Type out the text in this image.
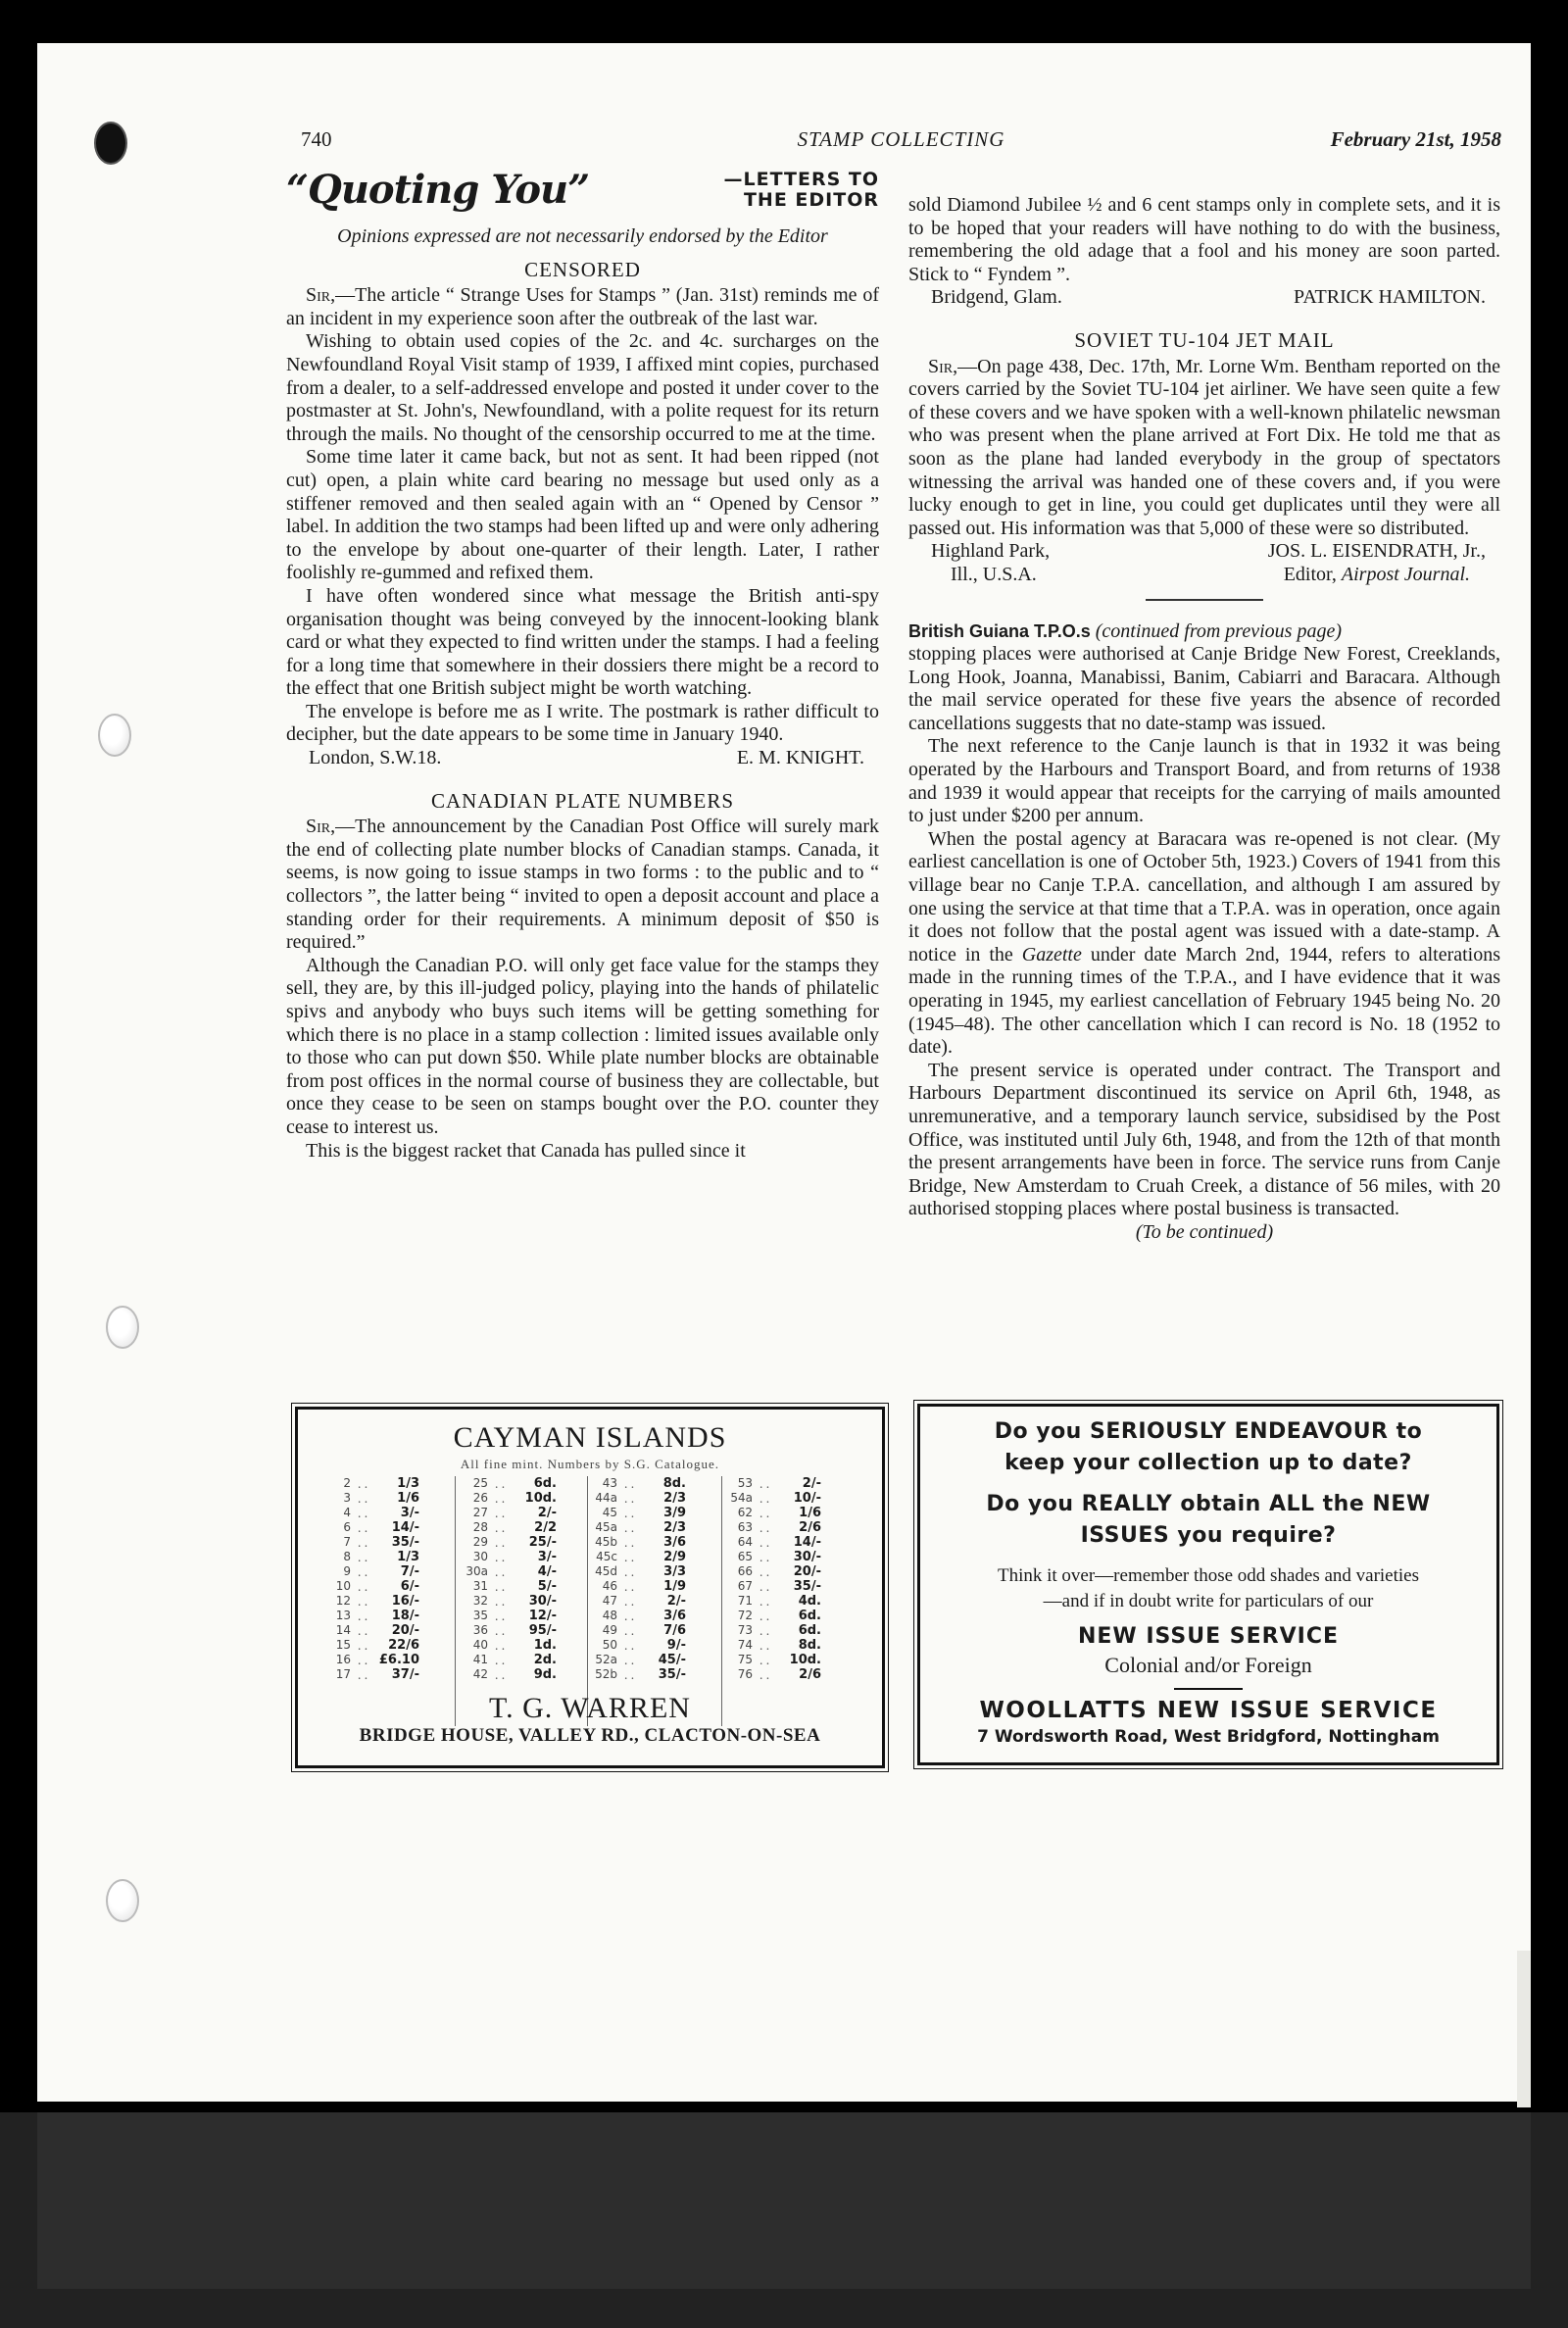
740	STAMP COLLECTING	February 21st, 1958
“Quoting You”	—LETTERS TO
THE EDITOR
Opinions expressed are not necessarily endorsed by the Editor
CENSORED

Sir,—The article “ Strange Uses for Stamps ” (Jan. 31st) reminds me of an incident in my experience soon after the outbreak of the last war.

Wishing to obtain used copies of the 2c. and 4c. surcharges on the Newfoundland Royal Visit stamp of 1939, I affixed mint copies, purchased from a dealer, to a self-addressed envelope and posted it under cover to the postmaster at St. John's, Newfoundland, with a polite request for its return through the mails. No thought of the censorship occurred to me at the time.

Some time later it came back, but not as sent. It had been ripped (not cut) open, a plain white card bearing no message but used only as a stiffener removed and then sealed again with an “ Opened by Censor ” label. In addition the two stamps had been lifted up and were only adhering to the envelope by about one-quarter of their length. Later, I rather foolishly re-gummed and refixed them.

I have often wondered since what message the British anti-spy organisation thought was being conveyed by the innocent-looking blank card or what they expected to find written under the stamps. I had a feeling for a long time that somewhere in their dossiers there might be a record to the effect that one British subject might be worth watching.

The envelope is before me as I write. The postmark is rather difficult to decipher, but the date appears to be some time in January 1940.

London, S.W.18.	E. M. KNIGHT.
CANADIAN PLATE NUMBERS

Sir,—The announcement by the Canadian Post Office will surely mark the end of collecting plate number blocks of Canadian stamps. Canada, it seems, is now going to issue stamps in two forms : to the public and to “ collectors ”, the latter being “ invited to open a deposit account and place a standing order for their requirements. A minimum deposit of $50 is required.”

Although the Canadian P.O. will only get face value for the stamps they sell, they are, by this ill-judged policy, playing into the hands of philatelic spivs and anybody who buys such items will be getting something for which there is no place in a stamp collection : limited issues available only to those who can put down $50. While plate number blocks are obtainable from post offices in the normal course of business they are collectable, but once they cease to be seen on stamps bought over the P.O. counter they cease to interest us.

This is the biggest racket that Canada has pulled since it

sold Diamond Jubilee ½ and 6 cent stamps only in complete sets, and it is to be hoped that your readers will have nothing to do with the business, remembering the old adage that a fool and his money are soon parted. Stick to “ Fyndem ”.

Bridgend, Glam.	PATRICK HAMILTON.
SOVIET TU-104 JET MAIL

Sir,—On page 438, Dec. 17th, Mr. Lorne Wm. Bentham reported on the covers carried by the Soviet TU-104 jet airliner. We have seen quite a few of these covers and we have spoken with a well-known philatelic newsman who was present when the plane arrived at Fort Dix. He told me that as soon as the plane had landed everybody in the group of spectators witnessing the arrival was handed one of these covers and, if you were lucky enough to get in line, you could get duplicates until they were all passed out. His information was that 5,000 of these were so distributed.

Highland Park,
Ill., U.S.A.
JOS. L. EISENDRATH, Jr.,
Editor, Airpost Journal.

British Guiana T.P.O.s (continued from previous page)

stopping places were authorised at Canje Bridge New Forest, Creeklands, Long Hook, Joanna, Manabissi, Banim, Cabiarri and Baracara. Although the mail service operated for these five years the absence of recorded cancellations suggests that no date-stamp was issued.

The next reference to the Canje launch is that in 1932 it was being operated by the Harbours and Transport Board, and from returns of 1938 and 1939 it would appear that receipts for the carrying of mails amounted to just under $200 per annum.

When the postal agency at Baracara was re-opened is not clear. (My earliest cancellation is one of October 5th, 1923.) Covers of 1941 from this village bear no Canje T.P.A. cancellation, and although I am assured by one using the service at that time that a T.P.A. was in operation, once again it does not follow that the postal agent was issued with a date-stamp. A notice in the Gazette under date March 2nd, 1944, refers to alterations made in the running times of the T.P.A., and I have evidence that it was operating in 1945, my earliest cancellation of February 1945 being No. 20 (1945–48). The other cancellation which I can record is No. 18 (1952 to date).

The present service is operated under contract. The Transport and Harbours Department discontinued its service on April 6th, 1948, as unremunerative, and a temporary launch service, subsidised by the Post Office, was instituted until July 6th, 1948, and from the 12th of that month the present arrangements have been in force. The service runs from Canje Bridge, New Amsterdam to Cruah Creek, a distance of 56 miles, with 20 authorised stopping places where postal business is transacted.

(To be continued)
CAYMAN ISLANDS
All fine mint. Numbers by S.G. Catalogue.
2 . .	1/3
3 . .	1/6
4 . .	3/-
6 . .	14/-
7 . .	35/-
8 . .	1/3
9 . .	7/-
10 . .	6/-
12 . .	16/-
13 . .	18/-
14 . .	20/-
15 . .	22/6
16 . . £6.10
17 . .	37/-
25 . .	6d.
26 . .	10d.
27 . .	2/-
28 . .	2/2
29 . .	25/-
30 . .	3/-
30a . .	4/-
31 . .	5/-
32 . .	30/-
35 . .	12/-
36 . .	95/-
40 . .	1d.
41 . .	2d.
42 . .	9d.
43 . .	8d.
44a . .	2/3
45 . .	3/9
45a . .	2/3
45b . .	3/6
45c . .	2/9
45d . .	3/3
46 . .	1/9
47 . .	2/-
48 . .	3/6
49 . .	7/6
50 . .	9/-
52a . .	45/-
52b . .	35/-
53 . .	2/-
54a . .	10/-
62 . .	1/6
63 . .	2/6
64 . .	14/-
65 . .	30/-
66 . .	20/-
67 . .	35/-
71 . .	4d.
72 . .	6d.
73 . .	6d.
74 . .	8d.
75 . .	10d.
76 . .	2/6
T. G. WARREN
BRIDGE HOUSE, VALLEY RD., CLACTON-ON-SEA
Do you SERIOUSLY ENDEAVOUR to
keep your collection up to date?
Do you REALLY obtain ALL the NEW
ISSUES you require?
Think it over—remember those odd shades and varieties
—and if in doubt write for particulars of our
NEW ISSUE SERVICE
Colonial and/or Foreign
WOOLLATTS NEW ISSUE SERVICE
7 Wordsworth Road, West Bridgford, Nottingham
